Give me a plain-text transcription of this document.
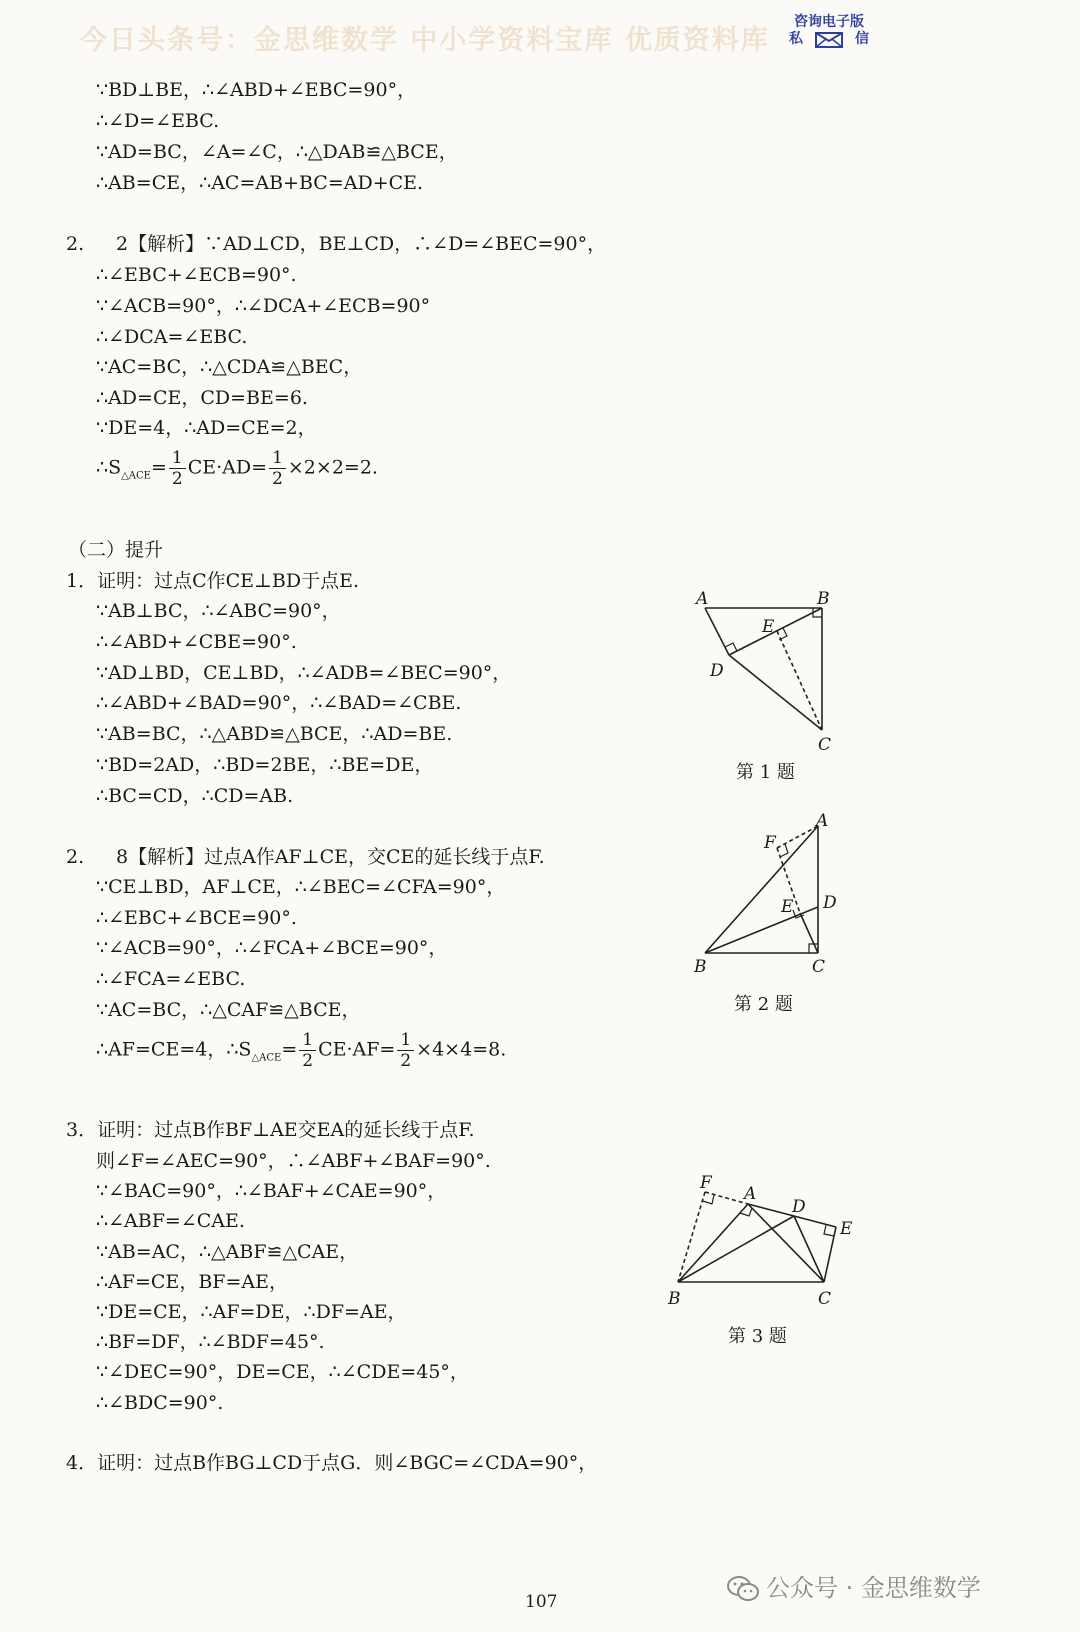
今日头条号：金思维数学 中小学资料宝库 优质资料库
咨询电子版
私	信
∵BD⊥BE，∴∠ABD+∠EBC=90°，
∴∠D=∠EBC.
∵AD=BC，∠A=∠C，∴△DAB≌△BCE，
∴AB=CE，∴AC=AB+BC=AD+CE.
2. 2【解析】∵AD⊥CD，BE⊥CD，∴∠D=∠BEC=90°，
∴∠EBC+∠ECB=90°.
∵∠ACB=90°，∴∠DCA+∠ECB=90°
∴∠DCA=∠EBC.
∵AC=BC，∴△CDA≌△BEC，
∴AD=CE，CD=BE=6.
∵DE=4，∴AD=CE=2，
$\therefore S_{\triangle ACE}= \frac{1}{2} CE\cdot AD= \frac{1}{2} \times 2\times 2=2$.
（二）提升
1．证明：过点C作CE⊥BD于点E.
∵AB⊥BC，∴∠ABC=90°，
∴∠ABD+∠CBE=90°.
∵AD⊥BD，CE⊥BD，∴∠ADB=∠BEC=90°，
∴∠ABD+∠BAD=90°，∴∠BAD=∠CBE.
∵AB=BC，∴△ABD≌△BCE，∴AD=BE.
∵BD=2AD，∴BD=2BE，∴BE=DE，
∴BC=CD，∴CD=AB.
A	B
C
D
E
第 1 题
2. 8【解析】过点A作AF⊥CE，交CE的延长线于点F.
∵CE⊥BD，AF⊥CE，∴∠BEC=∠CFA=90°，
∴∠EBC+∠BCE=90°.
∵∠ACB=90°，∴∠FCA+∠BCE=90°，
∴∠FCA=∠EBC.
∵AC=BC，∴△CAF≌△BCE，
∴AF=CE=4，$\therefore S_{\triangle ACE}= \frac{1}{2} CE\cdot AF= \frac{1}{2} \times 4\times 4=8$.
A
B	C
D
E
F
第 2 题
3．证明：过点B作BF⊥AE交EA的延长线于点F.
则∠F=∠AEC=90°，∴∠ABF+∠BAF=90°.
∵∠BAC=90°，∴∠BAF+∠CAE=90°，
∴∠ABF=∠CAE.
∵AB=AC，∴△ABF≌△CAE，
∴AF=CE，BF=AE，
∵DE=CE，∴AF=DE，∴DF=AE，
∴BF=DF，∴∠BDF=45°.
∵∠DEC=90°，DE=CE，∴∠CDE=45°，
∴∠BDC=90°.
F
A
D
E
B	C
第 3 题
4．证明：过点B作BG⊥CD于点G．则∠BGC=∠CDA=90°，
公众号 · 金思维数学
107
